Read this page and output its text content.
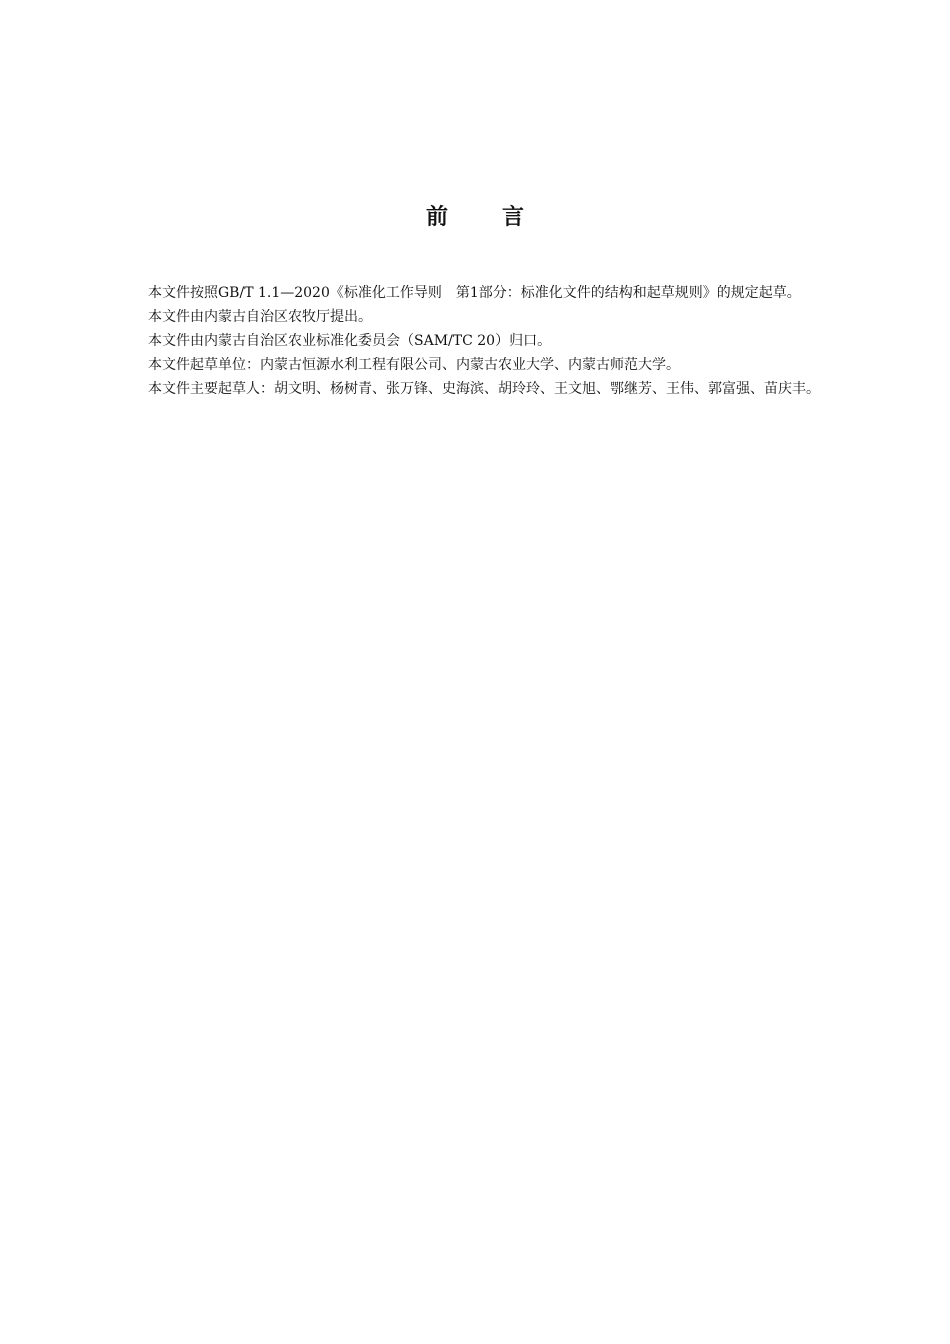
前 言

本文件按照GB/T 1.1—2020《标准化工作导则　第1部分：标准化文件的结构和起草规则》的规定起草。

本文件由内蒙古自治区农牧厅提出。

本文件由内蒙古自治区农业标准化委员会（SAM/TC 20）归口。

本文件起草单位：内蒙古恒源水利工程有限公司、内蒙古农业大学、内蒙古师范大学。

本文件主要起草人：胡文明、杨树青、张万锋、史海滨、胡玲玲、王文旭、鄂继芳、王伟、郭富强、苗庆丰。
